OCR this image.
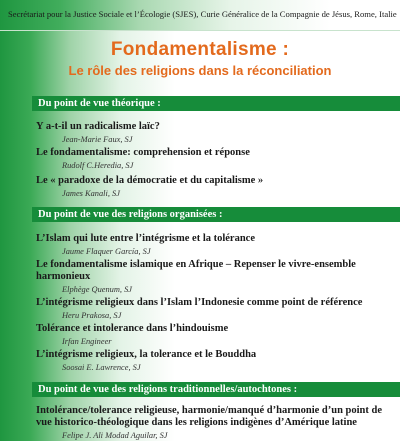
Secrétariat pour la Justice Sociale et l’Écologie (SJES), Curie Généralice de la Compagnie de Jésus, Rome, Italie
Fondamentalisme :
Le rôle des religions dans la réconciliation
Du point de vue théorique :
Y a-t-il un radicalisme laïc?
Jean-Marie Faux, SJ
Le fondamentalisme: comprehension et réponse
Rudolf C.Heredia, SJ
Le « paradoxe de la démocratie et du capitalisme »
James Kanali, SJ
Du point de vue des religions organisées :
L’Islam qui lute entre l’intégrisme et la tolérance
Jaume Flaquer García, SJ
Le fondamentalisme islamique en Afrique – Repenser le vivre-ensemble
harmonieux
Elphège Quenum, SJ
L’intégrisme religieux dans l’Islam l’Indonesie comme point de référence
Heru Prakosa, SJ
Tolérance et intolerance dans l’hindouisme
Irfan Engineer
L’intégrisme religieux, la tolerance et le Bouddha
Soosai E. Lawrence, SJ
Du point de vue des religions traditionnelles/autochtones :
Intolérance/tolerance religieuse, harmonie/manqué d’harmonie d’un point de
vue historico-théologique dans les religions indigènes d’Amérique latine
Felipe J. Ali Modad Aguilar, SJ
